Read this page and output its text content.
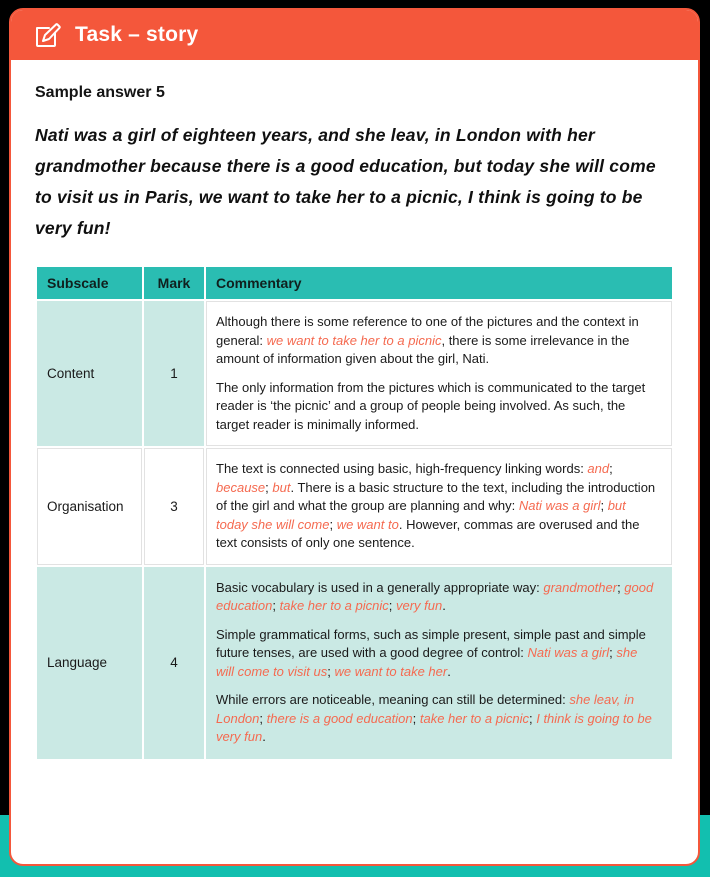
Task – story
Sample answer 5

Nati was a girl of eighteen years, and she leav, in London with her grandmother because there is a good education, but today she will come to visit us in Paris, we want to take her to a picnic, I think is going to be very fun!

Subscale	Mark	Commentary
Content	1	Although there is some reference to one of the pictures and the context in general: we want to take her to a picnic, there is some irrelevance in the amount of information given about the girl, Nati.

The only information from the pictures which is communicated to the target reader is ‘the picnic’ and a group of people being involved. As such, the target reader is minimally informed.

Organisation	3	The text is connected using basic, high-frequency linking words: and; because; but. There is a basic structure to the text, including the introduction of the girl and what the group are planning and why: Nati was a girl; but today she will come; we want to. However, commas are overused and the text consists of only one sentence.

Language	4	Basic vocabulary is used in a generally appropriate way: grandmother; good education; take her to a picnic; very fun.

Simple grammatical forms, such as simple present, simple past and simple future tenses, are used with a good degree of control: Nati was a girl; she will come to visit us; we want to take her.

While errors are noticeable, meaning can still be determined: she leav, in London; there is a good education; take her to a picnic; I think is going to be very fun.
